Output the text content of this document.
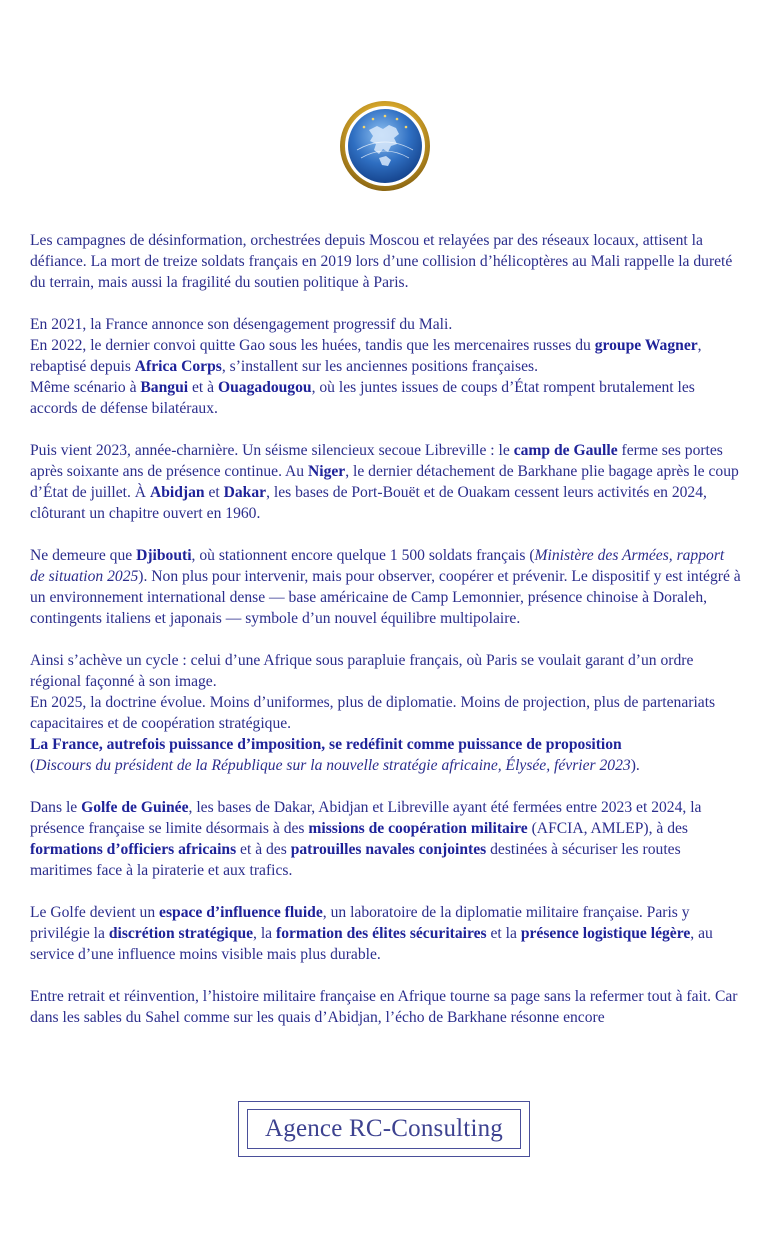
Les campagnes de désinformation, orchestrées depuis Moscou et relayées par des réseaux locaux, attisent la défiance. La mort de treize soldats français en 2019 lors d’une collision d’hélicoptères au Mali rappelle la dureté du terrain, mais aussi la fragilité du soutien politique à Paris.

En 2021, la France annonce son désengagement progressif du Mali.
En 2022, le dernier convoi quitte Gao sous les huées, tandis que les mercenaires russes du groupe Wagner, rebaptisé depuis Africa Corps, s’installent sur les anciennes positions françaises.
Même scénario à Bangui et à Ouagadougou, où les juntes issues de coups d’État rompent brutalement les accords de défense bilatéraux.

Puis vient 2023, année-charnière. Un séisme silencieux secoue Libreville : le camp de Gaulle ferme ses portes après soixante ans de présence continue. Au Niger, le dernier détachement de Barkhane plie bagage après le coup d’État de juillet. À Abidjan et Dakar, les bases de Port-Bouët et de Ouakam cessent leurs activités en 2024, clôturant un chapitre ouvert en 1960.

Ne demeure que Djibouti, où stationnent encore quelque 1 500 soldats français (Ministère des Armées, rapport de situation 2025). Non plus pour intervenir, mais pour observer, coopérer et prévenir. Le dispositif y est intégré à un environnement international dense — base américaine de Camp Lemonnier, présence chinoise à Doraleh, contingents italiens et japonais — symbole d’un nouvel équilibre multipolaire.

Ainsi s’achève un cycle : celui d’une Afrique sous parapluie français, où Paris se voulait garant d’un ordre régional façonné à son image.
En 2025, la doctrine évolue. Moins d’uniformes, plus de diplomatie. Moins de projection, plus de partenariats capacitaires et de coopération stratégique.
La France, autrefois puissance d’imposition, se redéfinit comme puissance de proposition
(Discours du président de la République sur la nouvelle stratégie africaine, Élysée, février 2023).

Dans le Golfe de Guinée, les bases de Dakar, Abidjan et Libreville ayant été fermées entre 2023 et 2024, la présence française se limite désormais à des missions de coopération militaire (AFCIA, AMLEP), à des formations d’officiers africains et à des patrouilles navales conjointes destinées à sécuriser les routes maritimes face à la piraterie et aux trafics.

Le Golfe devient un espace d’influence fluide, un laboratoire de la diplomatie militaire française. Paris y privilégie la discrétion stratégique, la formation des élites sécuritaires et la présence logistique légère, au service d’une influence moins visible mais plus durable.

Entre retrait et réinvention, l’histoire militaire française en Afrique tourne sa page sans la refermer tout à fait. Car dans les sables du Sahel comme sur les quais d’Abidjan, l’écho de Barkhane résonne encore

Agence RC-Consulting
